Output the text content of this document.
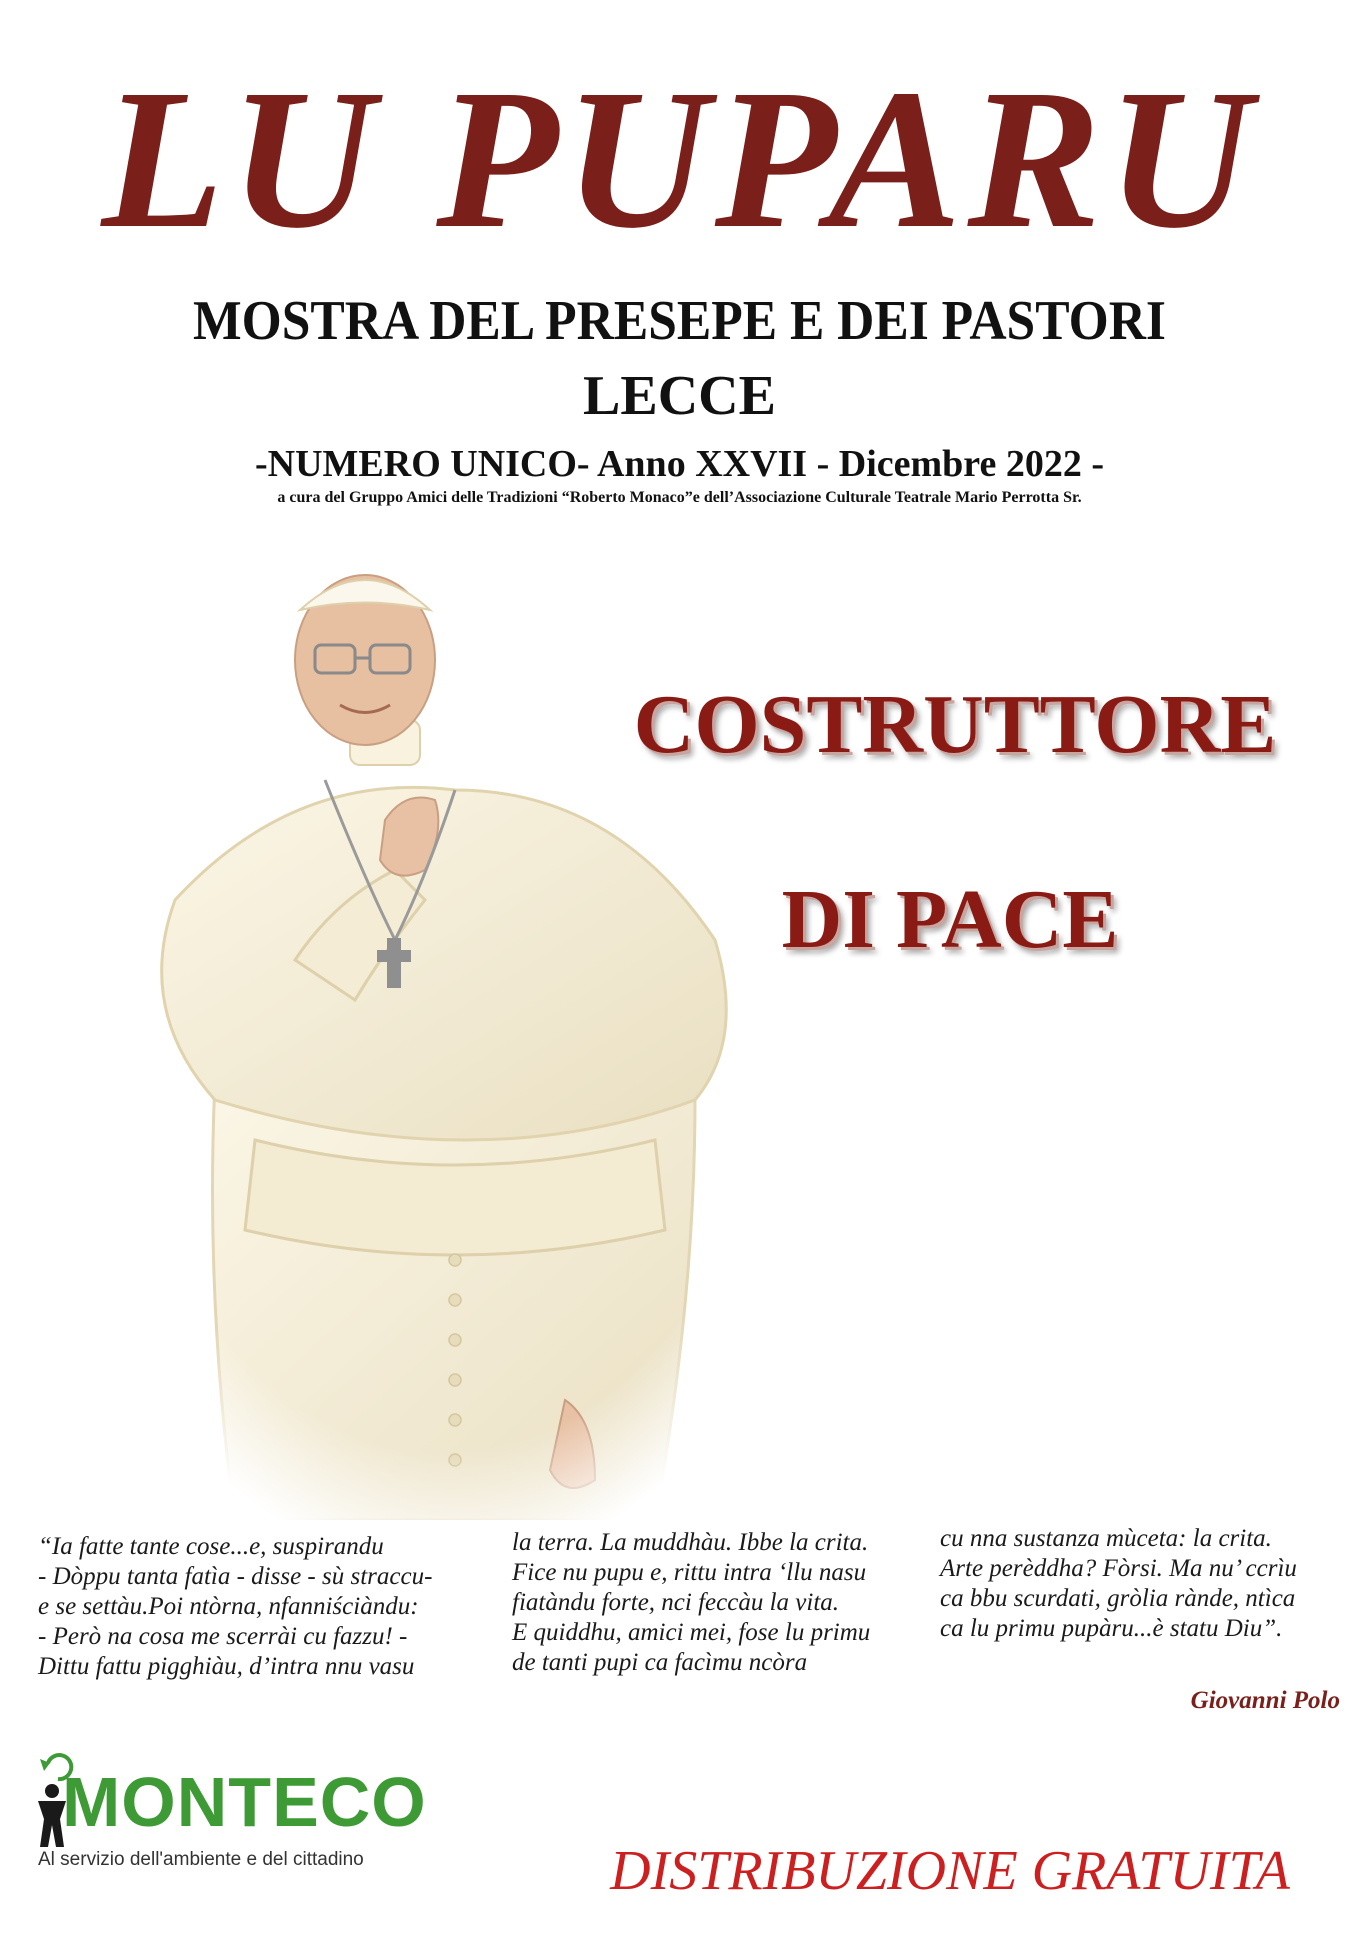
LU PUPARU
MOSTRA DEL PRESEPE E DEI PASTORI
LECCE
-NUMERO UNICO- Anno XXVII - Dicembre 2022 -
a cura del Gruppo Amici delle Tradizioni “Roberto Monaco”e dell’Associazione Culturale Teatrale Mario Perrotta Sr.
COSTRUTTORE
DI PACE
“Ia fatte tante cose...e, suspirandu
- Dòppu tanta fatìa - disse - sù straccu-
e se settàu.Poi ntòrna, nfanniściàndu:
- Però na cosa me scerrài cu fazzu! -
Dittu fattu pigghiàu, d’intra nnu vasu
la terra. La muddhàu. Ibbe la crita.
Fice nu pupu e, rittu intra ‘llu nasu
fiatàndu forte, nci feccàu la vita.
E quiddhu, amici mei, fose lu primu
de tanti pupi ca facìmu ncòra
cu nna sustanza mùceta: la crita.
Arte perèddha? Fòrsi. Ma nu’ ccrìu
ca bbu scurdati, gròlia rànde, ntìca
ca lu primu pupàru...è statu Diu”.
Giovanni Polo
MONTECO
Al servizio dell'ambiente e del cittadino	DISTRIBUZIONE GRATUITA
